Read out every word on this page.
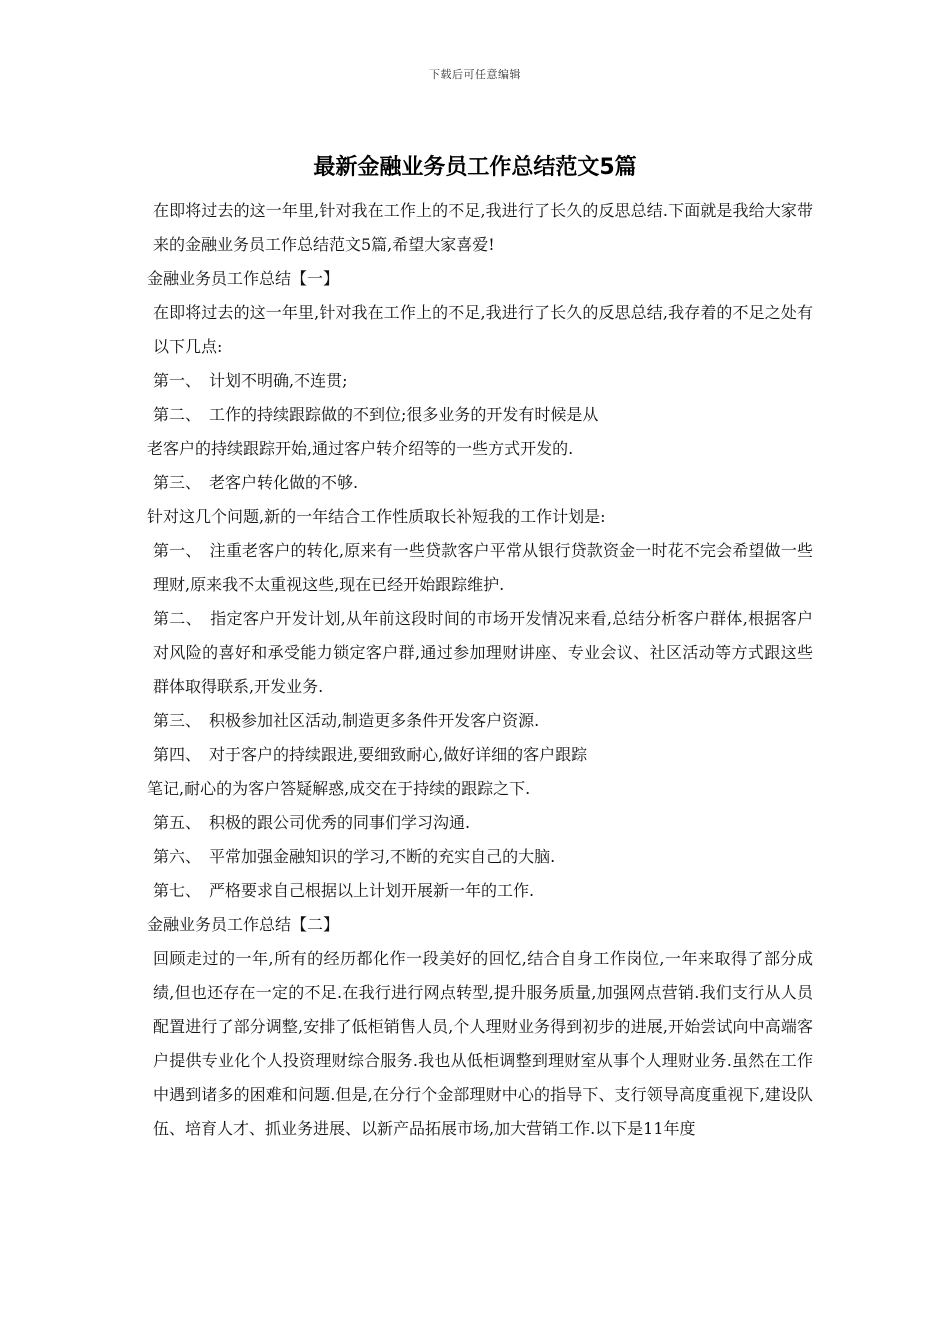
下载后可任意编辑
最新金融业务员工作总结范文5篇

在即将过去的这一年里,针对我在工作上的不足,我进行了长久的反思总结.下面就是我给大家带来的金融业务员工作总结范文5篇,希望大家喜爱!

金融业务员工作总结【一】

在即将过去的这一年里,针对我在工作上的不足,我进行了长久的反思总结,我存着的不足之处有以下几点:

第一、　计划不明确,不连贯;

第二、　工作的持续跟踪做的不到位;很多业务的开发有时候是从

老客户的持续跟踪开始,通过客户转介绍等的一些方式开发的.

第三、　老客户转化做的不够.

针对这几个问题,新的一年结合工作性质取长补短我的工作计划是:

第一、　注重老客户的转化,原来有一些贷款客户平常从银行贷款资金一时花不完会希望做一些理财,原来我不太重视这些,现在已经开始跟踪维护.

第二、　指定客户开发计划,从年前这段时间的市场开发情况来看,总结分析客户群体,根据客户对风险的喜好和承受能力锁定客户群,通过参加理财讲座、专业会议、社区活动等方式跟这些群体取得联系,开发业务.

第三、　积极参加社区活动,制造更多条件开发客户资源.

第四、　对于客户的持续跟进,要细致耐心,做好详细的客户跟踪

笔记,耐心的为客户答疑解惑,成交在于持续的跟踪之下.

第五、　积极的跟公司优秀的同事们学习沟通.

第六、　平常加强金融知识的学习,不断的充实自己的大脑.

第七、　严格要求自己根据以上计划开展新一年的工作.

金融业务员工作总结【二】

回顾走过的一年,所有的经历都化作一段美好的回忆,结合自身工作岗位,一年来取得了部分成绩,但也还存在一定的不足.在我行进行网点转型,提升服务质量,加强网点营销.我们支行从人员配置进行了部分调整,安排了低柜销售人员,个人理财业务得到初步的进展,开始尝试向中高端客户提供专业化个人投资理财综合服务.我也从低柜调整到理财室从事个人理财业务.虽然在工作中遇到诸多的困难和问题.但是,在分行个金部理财中心的指导下、支行领导高度重视下,建设队伍、培育人才、抓业务进展、以新产品拓展市场,加大营销工作.以下是11年度
